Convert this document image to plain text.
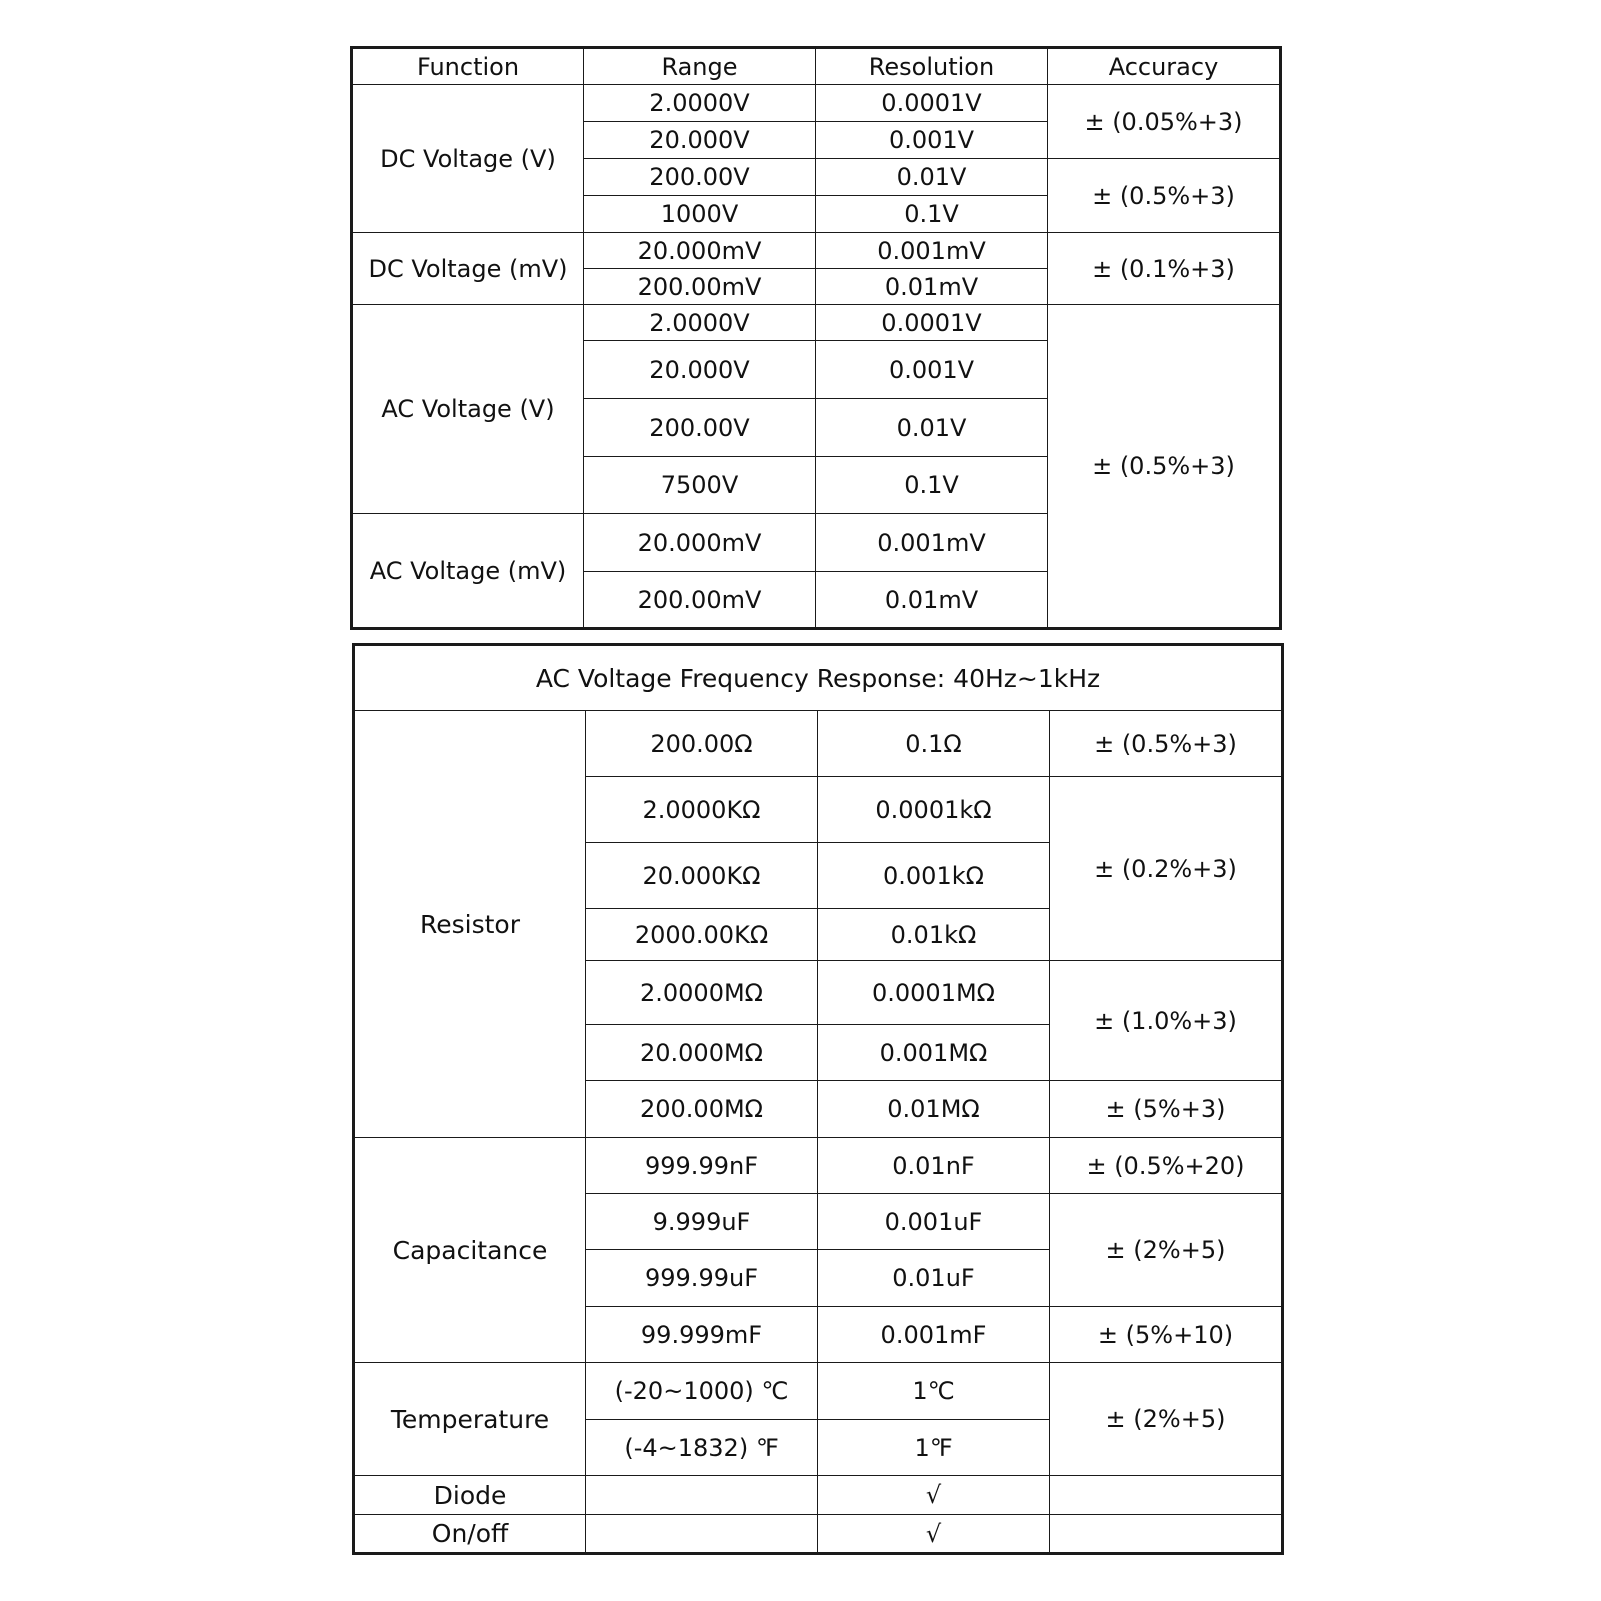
Function	Range	Resolution	Accuracy
DC Voltage (V)	2.0000V	0.0001V	± (0.05%+3)
	20.000V	0.001V	
	200.00V	0.01V	± (0.5%+3)
	1000V	0.1V	
DC Voltage (mV)	20.000mV	0.001mV	± (0.1%+3)
	200.00mV	0.01mV	
AC Voltage (V)	2.0000V	0.0001V	± (0.5%+3)
	20.000V	0.001V	
	200.00V	0.01V	
	7500V	0.1V	
AC Voltage (mV)	20.000mV	0.001mV	
	200.00mV	0.01mV	
AC Voltage Frequency Response: 40Hz~1kHz			
Resistor	200.00Ω	0.1Ω	± (0.5%+3)
	2.0000KΩ	0.0001kΩ	± (0.2%+3)
	20.000KΩ	0.001kΩ	
	2000.00KΩ	0.01kΩ	
	2.0000MΩ	0.0001MΩ	± (1.0%+3)
	20.000MΩ	0.001MΩ	
	200.00MΩ	0.01MΩ	± (5%+3)
Capacitance	999.99nF	0.01nF	± (0.5%+20)
	9.999uF	0.001uF	± (2%+5)
	999.99uF	0.01uF	
	99.999mF	0.001mF	± (5%+10)
Temperature	(-20~1000) ℃	1℃	± (2%+5)
	(-4~1832) ℉	1℉	
Diode		√	
On/off		√	
